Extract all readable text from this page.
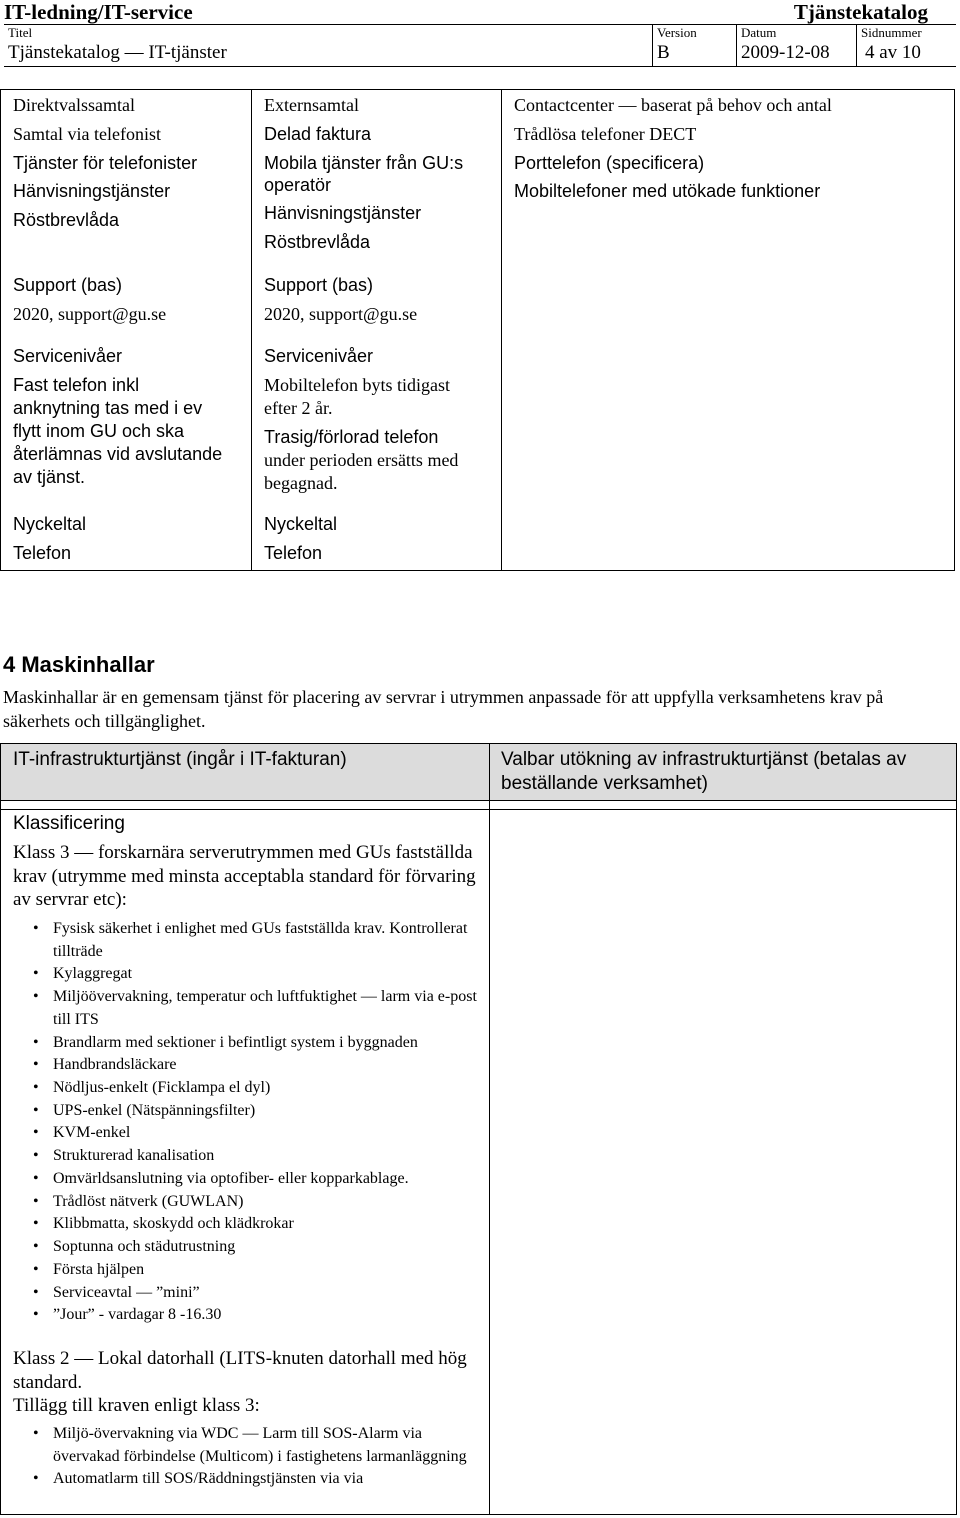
IT-ledning/IT-service	Tjänstekatalog
Titel
Tjänstekatalog — IT-tjänster
Version
B
Datum
2009-12-08
Sidnummer
4 av 10
Direktvalssamtal
Samtal via telefonist
Tjänster för telefonister
Hänvisningstjänster
Röstbrevlåda
Support (bas)
2020, support@gu.se
Servicenivåer
Fast telefon inkl
anknytning tas med i ev
flytt inom GU och ska
återlämnas vid avslutande
av tjänst.
Nyckeltal
Telefon
Externsamtal
Delad faktura
Mobila tjänster från GU:s
operatör
Hänvisningstjänster
Röstbrevlåda
Support (bas)
2020, support@gu.se
Servicenivåer
Mobiltelefon byts tidigast
efter 2 år.
Trasig/förlorad telefon
under perioden ersätts med
begagnad.
Nyckeltal
Telefon
Contactcenter — baserat på behov och antal
Trådlösa telefoner DECT
Porttelefon (specificera)
Mobiltelefoner med utökade funktioner
4 Maskinhallar
Maskinhallar är en gemensam tjänst för placering av servrar i utrymmen anpassade för att uppfylla verksamhetens krav på säkerhets och tillgänglighet.
IT-infrastrukturtjänst (ingår i IT-fakturan)	Valbar utökning av infrastrukturtjänst (betalas av beställande verksamhet)
Klassificering
Klass 3 — forskarnära serverutrymmen med GUs fastställda krav (utrymme med minsta acceptabla standard för förvaring av servrar etc):
• Fysisk säkerhet i enlighet med GUs fastställda krav. Kontrollerat tillträde
• Kylaggregat
• Miljöövervakning, temperatur och luftfuktighet — larm via e-post till ITS
• Brandlarm med sektioner i befintligt system i byggnaden
• Handbrandsläckare
• Nödljus-enkelt (Ficklampa el dyl)
• UPS-enkel (Nätspänningsfilter)
• KVM-enkel
• Strukturerad kanalisation
• Omvärldsanslutning via optofiber- eller kopparkablage.
• Trådlöst nätverk (GUWLAN)
• Klibbmatta, skoskydd och klädkrokar
• Soptunna och städutrustning
• Första hjälpen
• Serviceavtal — ”mini”
• ”Jour” - vardagar 8 -16.30
Klass 2 — Lokal datorhall (LITS-knuten datorhall med hög standard.
Tillägg till kraven enligt klass 3:
• Miljö-övervakning via WDC — Larm till SOS-Alarm via övervakad förbindelse (Multicom) i fastighetens larmanläggning
• Automatlarm till SOS/Räddningstjänsten via via
